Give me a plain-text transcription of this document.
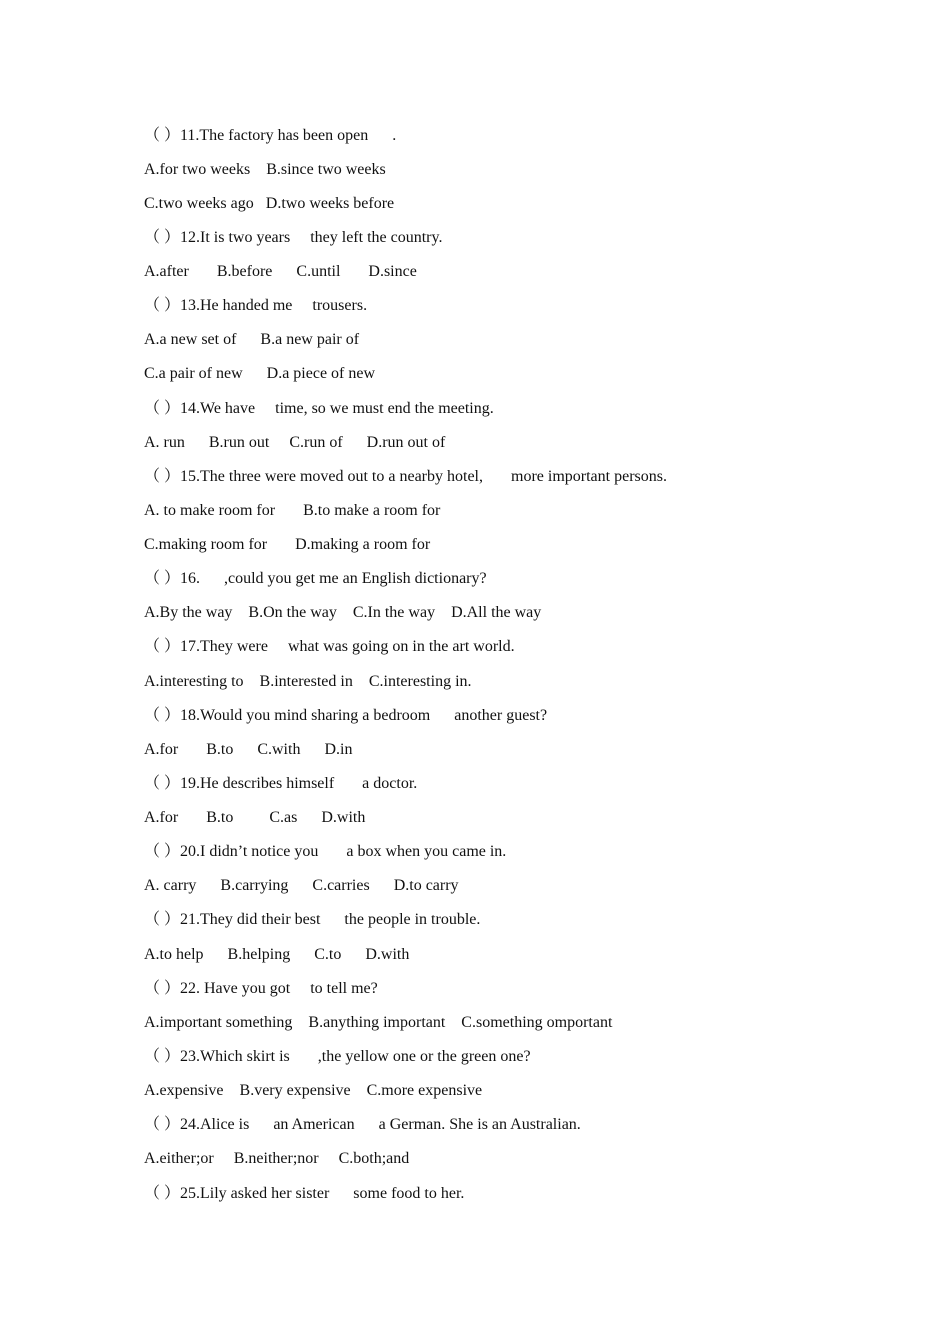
（ ）11.The factory has been open      .
A.for two weeks    B.since two weeks
C.two weeks ago   D.two weeks before
（ ）12.It is two years     they left the country.
A.after       B.before      C.until       D.since
（ ）13.He handed me     trousers.
A.a new set of      B.a new pair of
C.a pair of new      D.a piece of new
（ ）14.We have     time, so we must end the meeting.
A. run      B.run out     C.run of      D.run out of
（ ）15.The three were moved out to a nearby hotel,       more important persons.
A. to make room for       B.to make a room for
C.making room for       D.making a room for
（ ）16.      ,could you get me an English dictionary?
A.By the way    B.On the way    C.In the way    D.All the way
（ ）17.They were     what was going on in the art world.
A.interesting to    B.interested in    C.interesting in.
（ ）18.Would you mind sharing a bedroom      another guest?
A.for       B.to      C.with      D.in
（ ）19.He describes himself       a doctor.
A.for       B.to         C.as      D.with
（ ）20.I didn’t notice you       a box when you came in.
A. carry      B.carrying      C.carries      D.to carry
（ ）21.They did their best      the people in trouble.
A.to help      B.helping      C.to      D.with
（ ）22. Have you got     to tell me?
A.important something    B.anything important    C.something omportant
（ ）23.Which skirt is       ,the yellow one or the green one?
A.expensive    B.very expensive    C.more expensive
（ ）24.Alice is      an American      a German. She is an Australian.
A.either;or     B.neither;nor     C.both;and
（ ）25.Lily asked her sister      some food to her.
